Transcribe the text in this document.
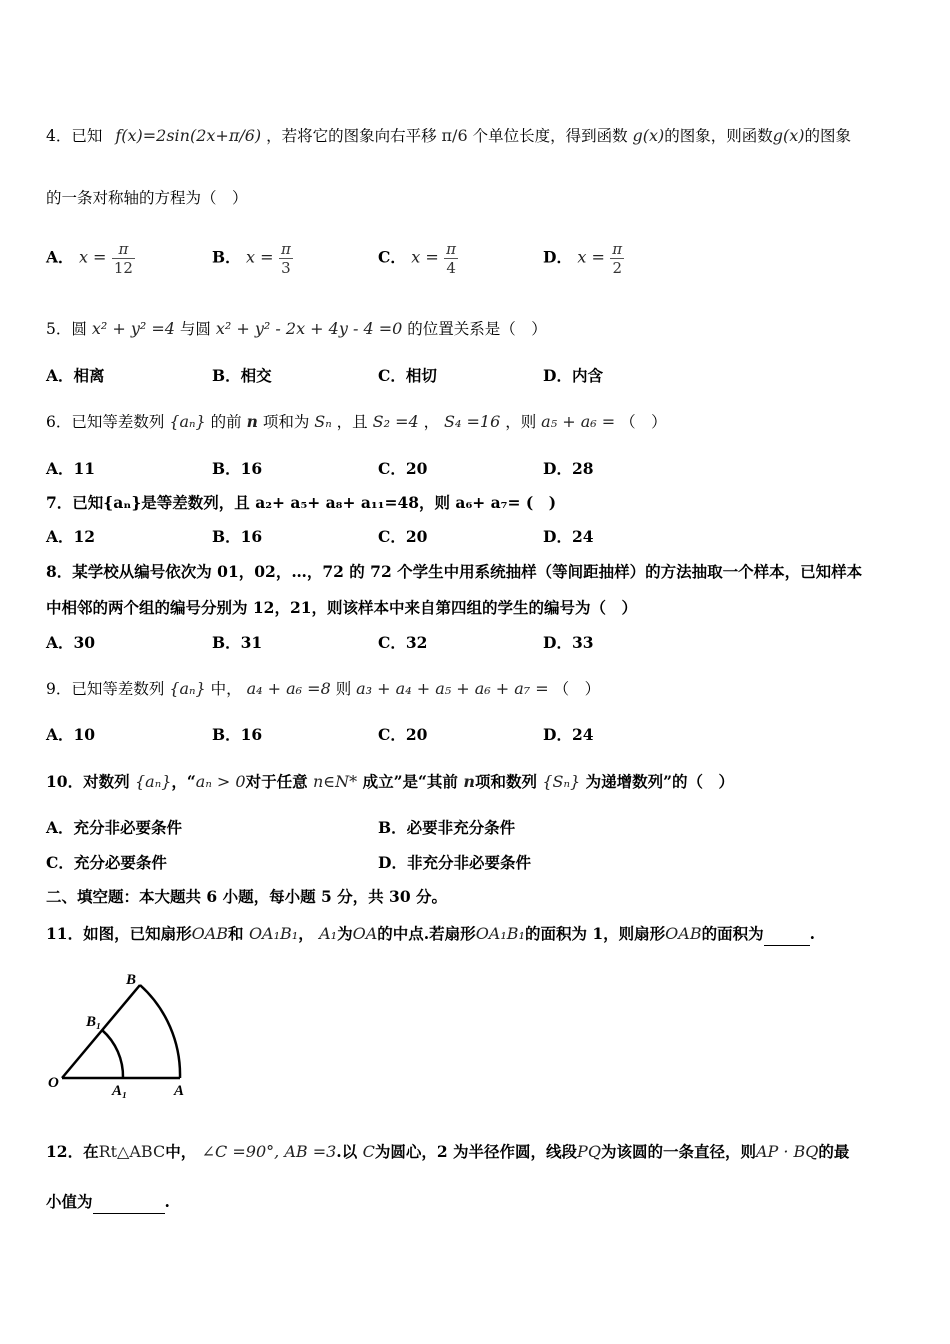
4．已知 f(x)=2sin(2x+π/6) ，若将它的图象向右平移 π/6 个单位长度，得到函数 g(x)的图象，则函数g(x)的图象
的一条对称轴的方程为（　）
A． $x = \frac{\pi}{12}$	B． $x = \frac{\pi}{3}$	C． $x = \frac{\pi}{4}$	D． $x = \frac{\pi}{2}$
5．圆 x² + y² =4 与圆 x² + y² - 2x + 4y - 4 =0 的位置关系是（　）
A．相离	B．相交	C．相切	D．内含
6．已知等差数列 {aₙ} 的前 n 项和为 Sₙ ，且 S₂ =4 ， S₄ =16 ，则 a₅ + a₆ = （　）
A．11	B．16	C．20	D．28
7．已知{aₙ}是等差数列，且 a₂+ a₅+ a₈+ a₁₁=48，则 a₆+ a₇= (　)
A．12	B．16	C．20	D．24
8．某学校从编号依次为 01，02，…，72 的 72 个学生中用系统抽样（等间距抽样）的方法抽取一个样本，已知样本
中相邻的两个组的编号分别为 12，21，则该样本中来自第四组的学生的编号为（　）
A．30	B．31	C．32	D．33
9．已知等差数列 {aₙ} 中， a₄ + a₆ =8 则 a₃ + a₄ + a₅ + a₆ + a₇ = （　）
A．10	B．16	C．20	D．24
10．对数列 {aₙ}，“aₙ > 0对于任意 n∈N* 成立”是“其前 n项和数列 {Sₙ} 为递增数列”的（　）
A．充分非必要条件	B．必要非充分条件
C．充分必要条件	D．非充分非必要条件
二、填空题：本大题共 6 小题，每小题 5 分，共 30 分。
11．如图，已知扇形OAB和 OA₁B₁， A₁为OA的中点.若扇形OA₁B₁的面积为 1，则扇形OAB的面积为	.
B
B₁
O	A₁	A
12．在Rt△ABC中， ∠C =90°, AB =3.以 C为圆心，2 为半径作圆，线段PQ为该圆的一条直径，则AP · BQ的最
小值为	.
